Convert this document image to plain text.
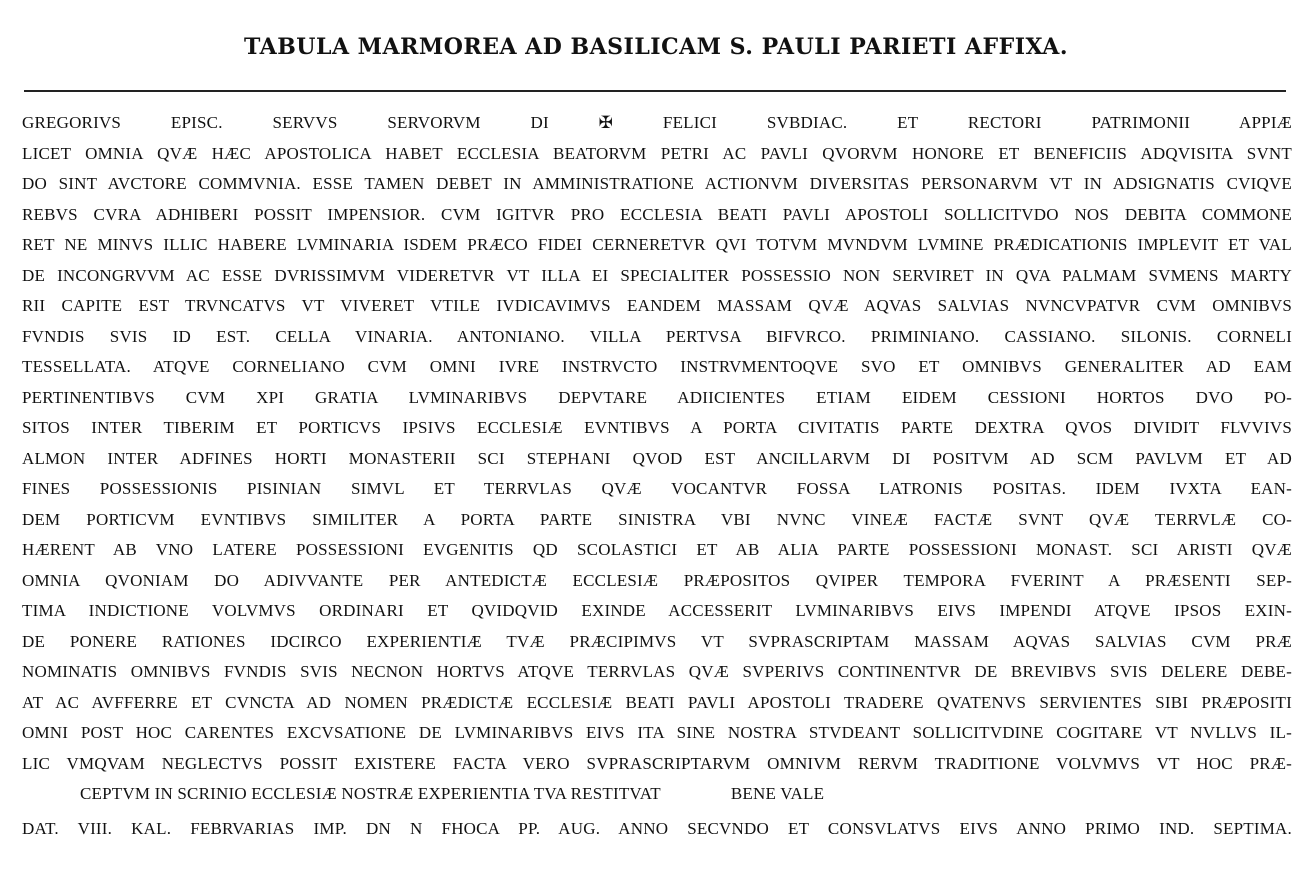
TABULA MARMOREA AD BASILICAM S. PAULI PARIETI AFFIXA.
GREGORIVS EPISC. SERVVS SERVORVM DI ✠ FELICI SVBDIAC. ET RECTORI PATRIMONII APPIÆ
LICET OMNIA QVÆ HÆC APOSTOLICA HABET ECCLESIA BEATORVM PETRI AC PAVLI QVORVM HONORE ET BENEFICIIS ADQVISITA SVNT
DO SINT AVCTORE COMMVNIA. ESSE TAMEN DEBET IN AMMINISTRATIONE ACTIONVM DIVERSITAS PERSONARVM VT IN ADSIGNATIS CVIQVE
REBVS CVRA ADHIBERI POSSIT IMPENSIOR. CVM IGITVR PRO ECCLESIA BEATI PAVLI APOSTOLI SOLLICITVDO NOS DEBITA COMMONE
RET NE MINVS ILLIC HABERE LVMINARIA ISDEM PRÆCO FIDEI CERNERETVR QVI TOTVM MVNDVM LVMINE PRÆDICATIONIS IMPLEVIT ET VAL
DE INCONGRVVM AC ESSE DVRISSIMVM VIDERETVR VT ILLA EI SPECIALITER POSSESSIO NON SERVIRET IN QVA PALMAM SVMENS MARTY
RII CAPITE EST TRVNCATVS VT VIVERET VTILE IVDICAVIMVS EANDEM MASSAM QVÆ AQVAS SALVIAS NVNCVPATVR CVM OMNIBVS
FVNDIS SVIS ID EST. CELLA VINARIA. ANTONIANO. VILLA PERTVSA BIFVRCO. PRIMINIANO. CASSIANO. SILONIS. CORNELI
TESSELLATA. ATQVE CORNELIANO CVM OMNI IVRE INSTRVCTO INSTRVMENTOQVE SVO ET OMNIBVS GENERALITER AD EAM
PERTINENTIBVS CVM XPI GRATIA LVMINARIBVS DEPVTARE ADIICIENTES ETIAM EIDEM CESSIONI HORTOS DVO PO-
SITOS INTER TIBERIM ET PORTICVS IPSIVS ECCLESIÆ EVNTIBVS A PORTA CIVITATIS PARTE DEXTRA QVOS DIVIDIT FLVVIVS
ALMON INTER ADFINES HORTI MONASTERII SCI STEPHANI QVOD EST ANCILLARVM DI POSITVM AD SCM PAVLVM ET AD
FINES POSSESSIONIS PISINIAN SIMVL ET TERRVLAS QVÆ VOCANTVR FOSSA LATRONIS POSITAS. IDEM IVXTA EAN-
DEM PORTICVM EVNTIBVS SIMILITER A PORTA PARTE SINISTRA VBI NVNC VINEÆ FACTÆ SVNT QVÆ TERRVLÆ CO-
HÆRENT AB VNO LATERE POSSESSIONI EVGENITIS QD SCOLASTICI ET AB ALIA PARTE POSSESSIONI MONAST. SCI ARISTI QVÆ
OMNIA QVONIAM DO ADIVVANTE PER ANTEDICTÆ ECCLESIÆ PRÆPOSITOS QVIPER TEMPORA FVERINT A PRÆSENTI SEP-
TIMA INDICTIONE VOLVMVS ORDINARI ET QVIDQVID EXINDE ACCESSERIT LVMINARIBVS EIVS IMPENDI ATQVE IPSOS EXIN-
DE PONERE RATIONES IDCIRCO EXPERIENTIÆ TVÆ PRÆCIPIMVS VT SVPRASCRIPTAM MASSAM AQVAS SALVIAS CVM PRÆ
NOMINATIS OMNIBVS FVNDIS SVIS NECNON HORTVS ATQVE TERRVLAS QVÆ SVPERIVS CONTINENTVR DE BREVIBVS SVIS DELERE DEBE-
AT AC AVFFERRE ET CVNCTA AD NOMEN PRÆDICTÆ ECCLESIÆ BEATI PAVLI APOSTOLI TRADERE QVATENVS SERVIENTES SIBI PRÆPOSITI
OMNI POST HOC CARENTES EXCVSATIONE DE LVMINARIBVS EIVS ITA SINE NOSTRA STVDEANT SOLLICITVDINE COGITARE VT NVLLVS IL-
LIC VMQVAM NEGLECTVS POSSIT EXISTERE FACTA VERO SVPRASCRIPTARVM OMNIVM RERVM TRADITIONE VOLVMVS VT HOC PRÆ-
CEPTVM IN SCRINIO ECCLESIÆ NOSTRÆ EXPERIENTIA TVA RESTITVAT	BENE VALE
DAT. VIII. KAL. FEBRVARIAS IMP. DN N FHOCA PP. AUG. ANNO SECVNDO ET CONSVLATVS EIVS ANNO PRIMO IND. SEPTIMA.
